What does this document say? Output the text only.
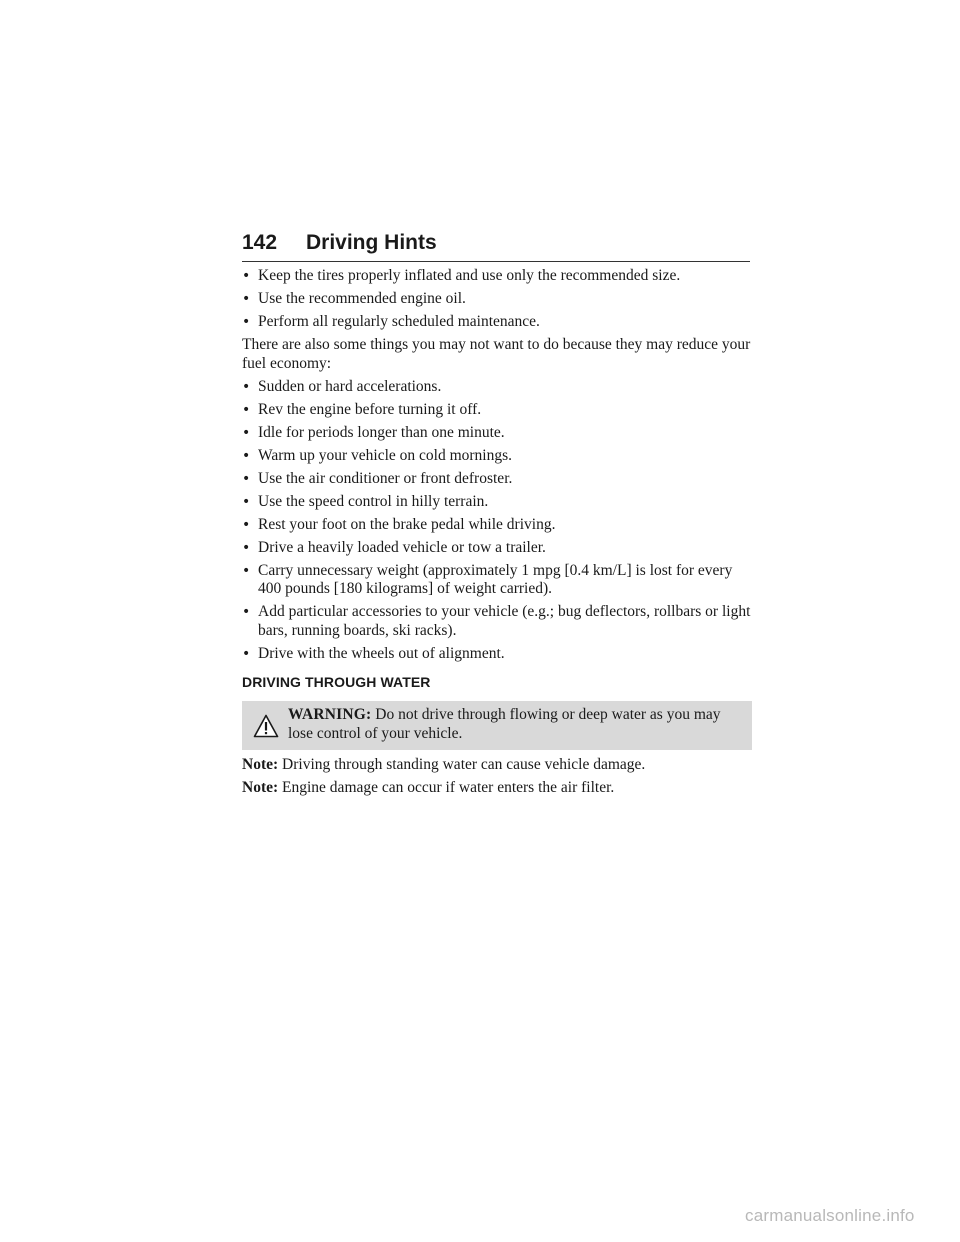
142 Driving Hints
• Keep the tires properly inflated and use only the recommended size.
• Use the recommended engine oil.
• Perform all regularly scheduled maintenance.

There are also some things you may not want to do because they may reduce your fuel economy:

• Sudden or hard accelerations.
• Rev the engine before turning it off.
• Idle for periods longer than one minute.
• Warm up your vehicle on cold mornings.
• Use the air conditioner or front defroster.
• Use the speed control in hilly terrain.
• Rest your foot on the brake pedal while driving.
• Drive a heavily loaded vehicle or tow a trailer.
• Carry unnecessary weight (approximately 1 mpg [0.4 km/L] is lost for every 400 pounds [180 kilograms] of weight carried).
• Add particular accessories to your vehicle (e.g.; bug deflectors, rollbars or light bars, running boards, ski racks).
• Drive with the wheels out of alignment.
DRIVING THROUGH WATER
WARNING: Do not drive through flowing or deep water as you may lose control of your vehicle.

Note: Driving through standing water can cause vehicle damage.

Note: Engine damage can occur if water enters the air filter.

carmanualsonline.info
